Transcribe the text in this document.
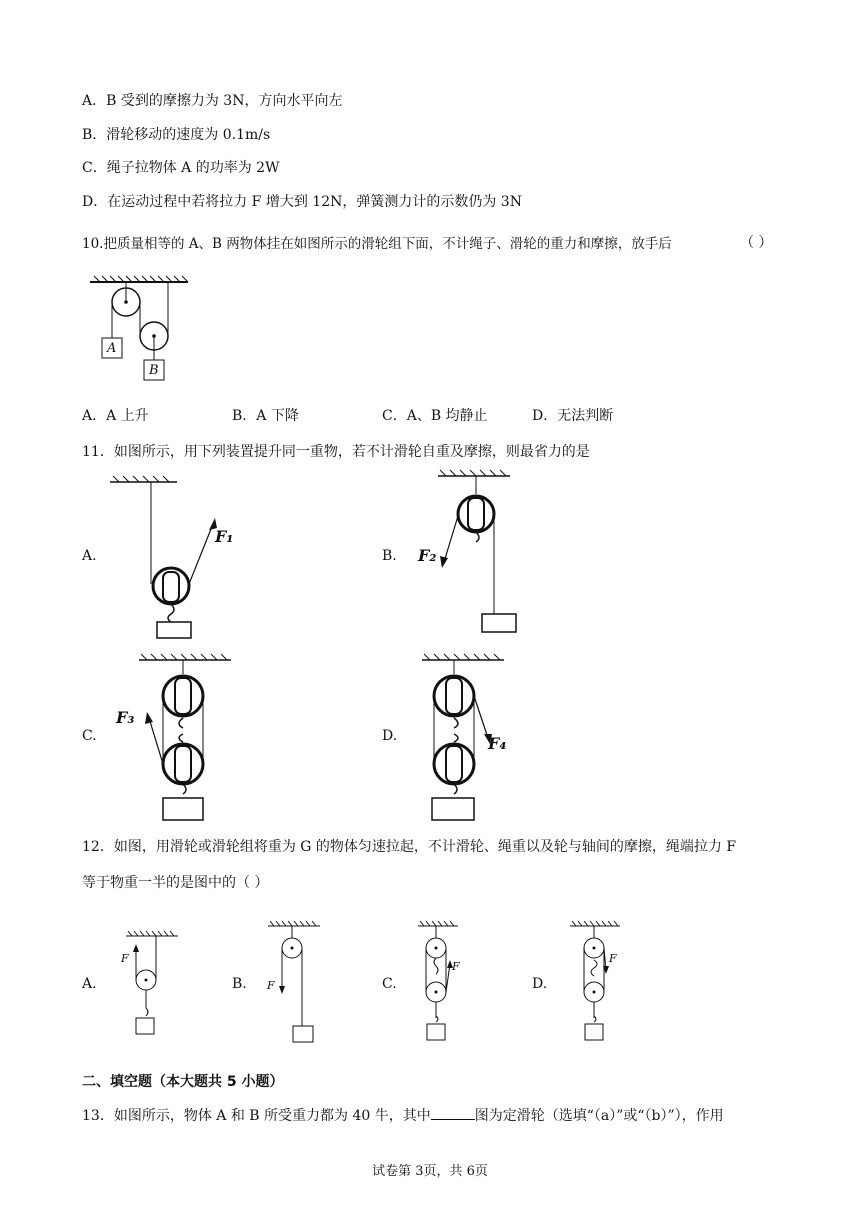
A．B 受到的摩擦力为 3N，方向水平向左
B．滑轮移动的速度为 0.1m/s
C．绳子拉物体 A 的功率为 2W
D．在运动过程中若将拉力 F 增大到 12N，弹簧测力计的示数仍为 3N
10.把质量相等的 A、B 两物体挂在如图所示的滑轮组下面，不计绳子、滑轮的重力和摩擦，放手后	（ ）
A
B
A．A 上升	B．A 下降	C．A、B 均静止	D．无法判断
11．如图所示，用下列装置提升同一重物，若不计滑轮自重及摩擦，则最省力的是
A.
F₁
B. F₂
C.
F₃
D.	F₄
12．如图，用滑轮或滑轮组将重为 G 的物体匀速拉起，不计滑轮、绳重以及轮与轴间的摩擦，绳端拉力 F
等于物重一半的是图中的（ ）
A.
F
B. F	C.
F
D.
F
二、填空题（本大题共 5 小题）
13．如图所示，物体 A 和 B 所受重力都为 40 牛，其中	图为定滑轮（选填“（a）”或“（b）”），作用
试卷第 3页，共 6页
